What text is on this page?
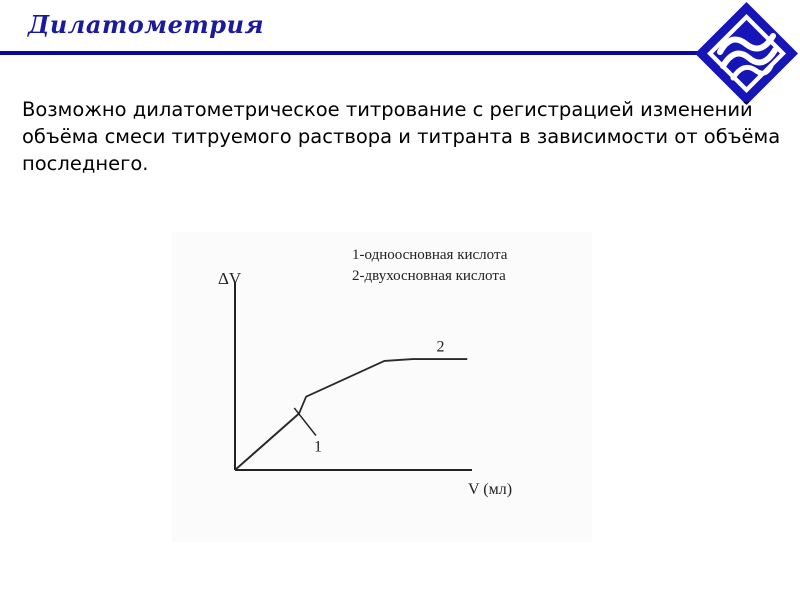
Дилатометрия
Возможно дилатометрическое титрование с регистрацией изменений объёма смеси титруемого раствора и титранта в зависимости от объёма последнего.
ΔV
V (мл)
1-одноосновная кислота
2-двухосновная кислота
1
2
